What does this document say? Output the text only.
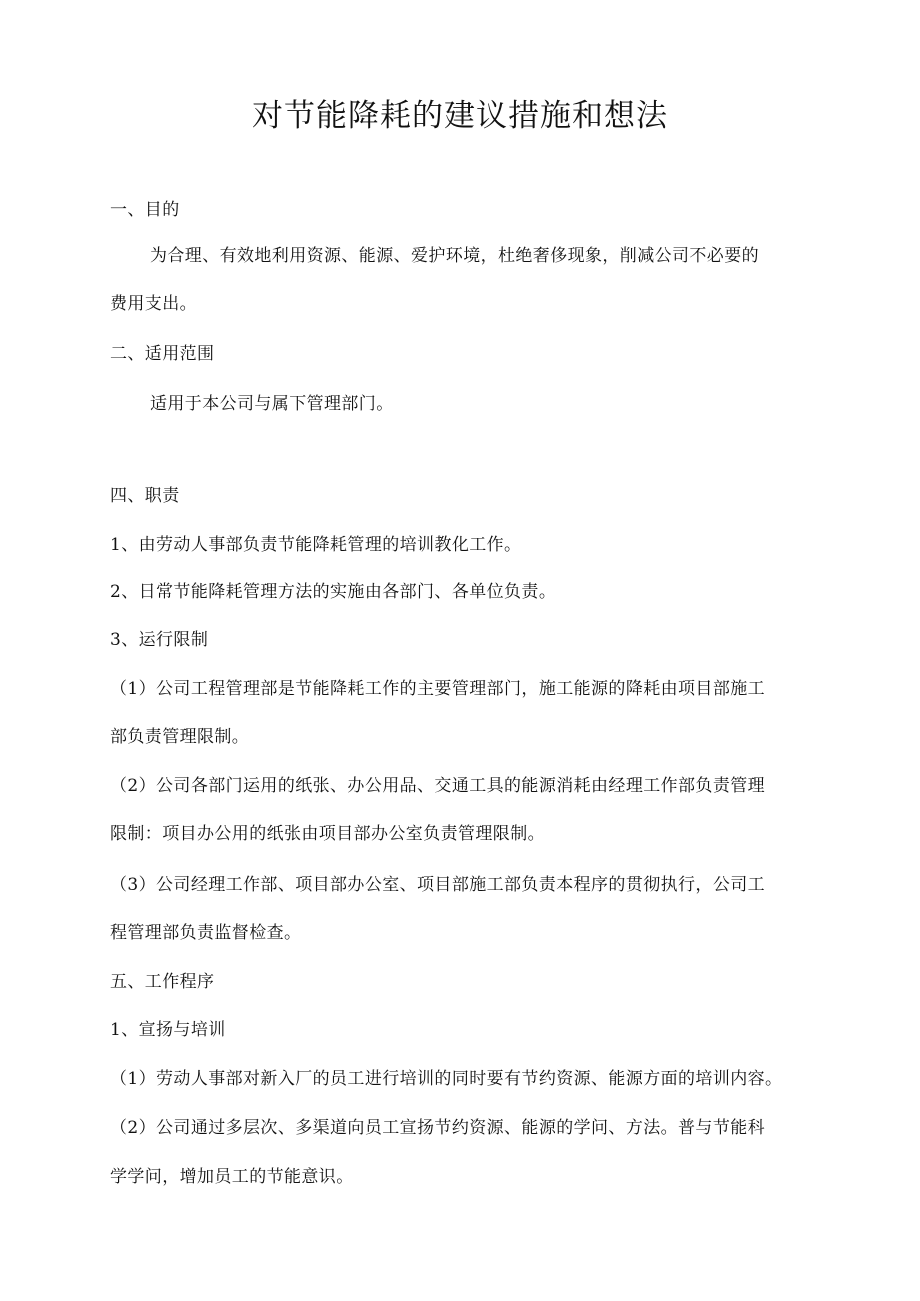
对节能降耗的建议措施和想法
一、目的
为合理、有效地利用资源、能源、爱护环境，杜绝奢侈现象，削减公司不必要的
费用支出。
二、适用范围
适用于本公司与属下管理部门。
四、职责
1、由劳动人事部负责节能降耗管理的培训教化工作。
2、日常节能降耗管理方法的实施由各部门、各单位负责。
3、运行限制
（1）公司工程管理部是节能降耗工作的主要管理部门，施工能源的降耗由项目部施工
部负责管理限制。
（2）公司各部门运用的纸张、办公用品、交通工具的能源消耗由经理工作部负责管理
限制：项目办公用的纸张由项目部办公室负责管理限制。
（3）公司经理工作部、项目部办公室、项目部施工部负责本程序的贯彻执行，公司工
程管理部负责监督检查。
五、工作程序
1、宣扬与培训
（1）劳动人事部对新入厂的员工进行培训的同时要有节约资源、能源方面的培训内容。
（2）公司通过多层次、多渠道向员工宣扬节约资源、能源的学问、方法。普与节能科
学学问，增加员工的节能意识。
